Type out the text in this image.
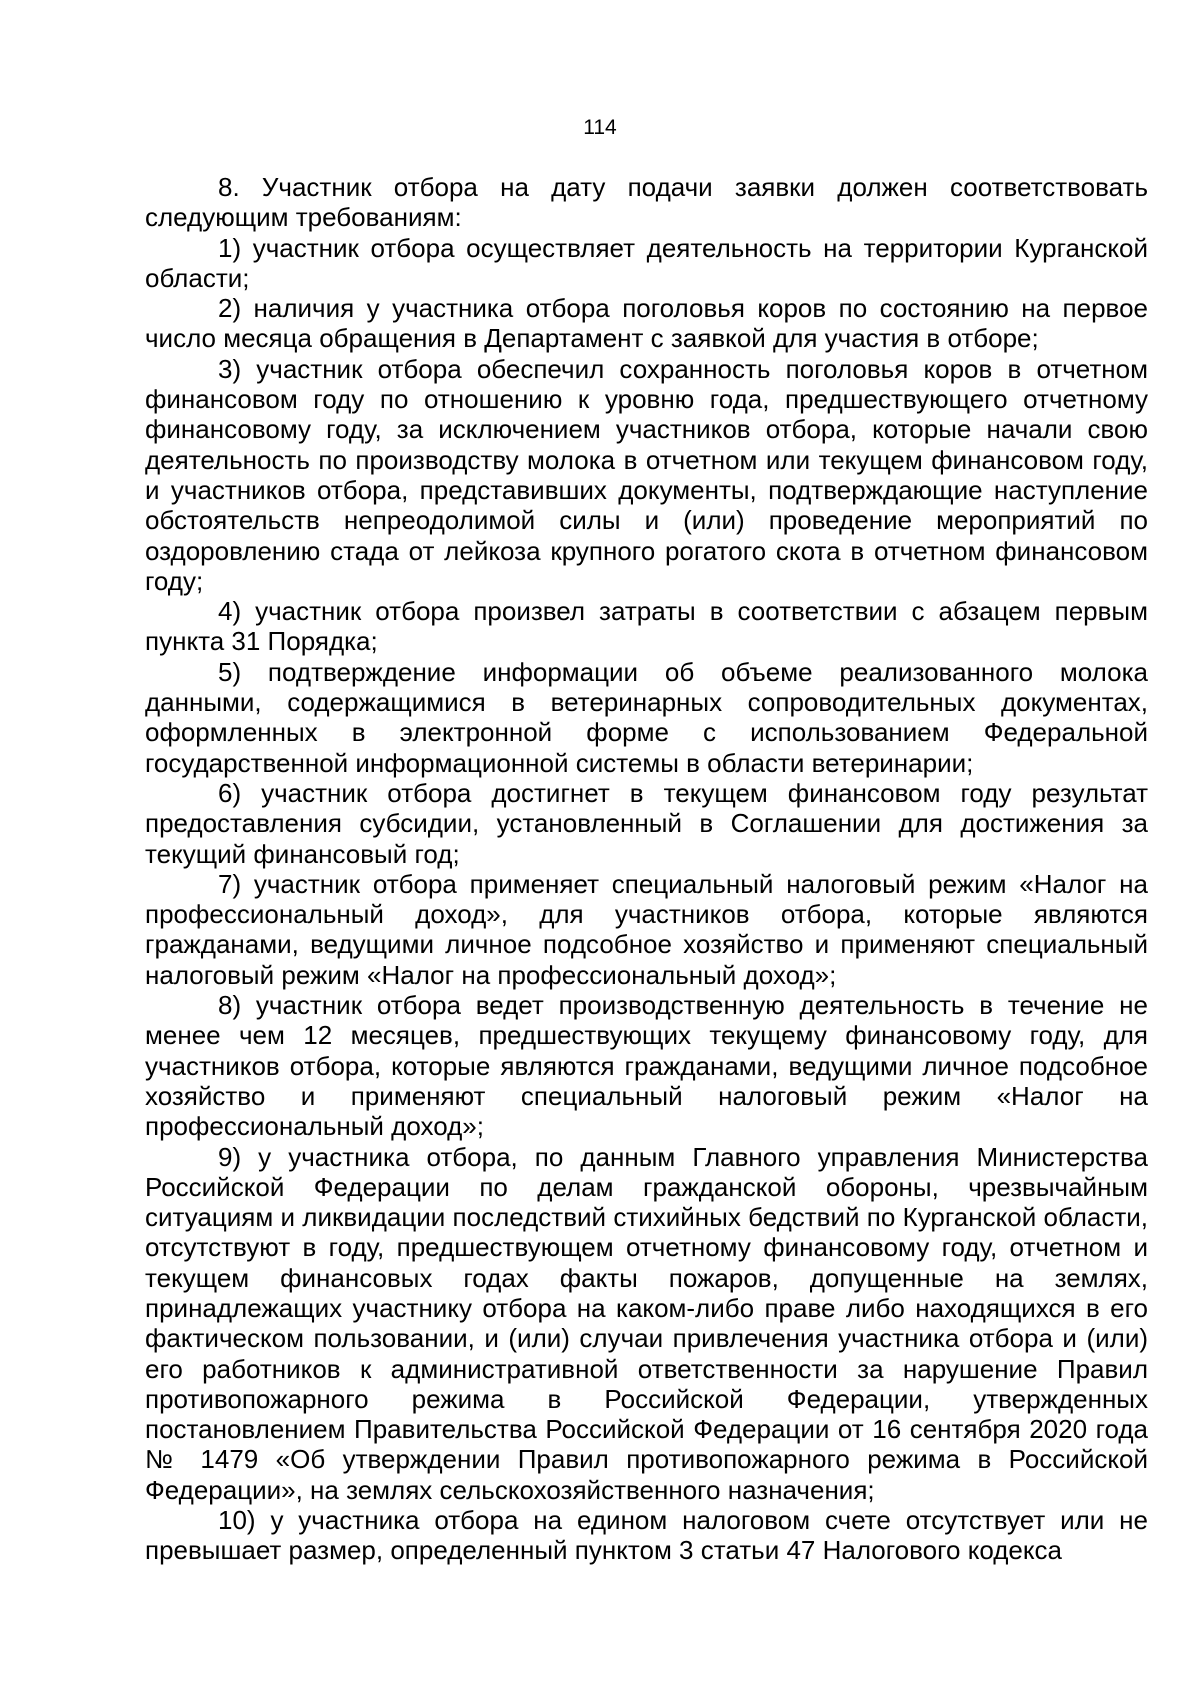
114

8. Участник отбора на дату подачи заявки должен соответствовать следующим требованиям:

1) участник отбора осуществляет деятельность на территории Курганской области;

2) наличия у участника отбора поголовья коров по состоянию на первое число месяца обращения в Департамент с заявкой для участия в отборе;

3) участник отбора обеспечил сохранность поголовья коров в отчетном финансовом году по отношению к уровню года, предшествующего отчетному финансовому году, за исключением участников отбора, которые начали свою деятельность по производству молока в отчетном или текущем финансовом году, и участников отбора, представивших документы, подтверждающие наступление обстоятельств непреодолимой силы и (или) проведение мероприятий по оздоровлению стада от лейкоза крупного рогатого скота в отчетном финансовом году;

4) участник отбора произвел затраты в соответствии с абзацем первым пункта 31 Порядка;

5) подтверждение информации об объеме реализованного молока данными, содержащимися в ветеринарных сопроводительных документах, оформленных в электронной форме с использованием Федеральной государственной информационной системы в области ветеринарии;

6) участник отбора достигнет в текущем финансовом году результат предоставления субсидии, установленный в Соглашении для достижения за текущий финансовый год;

7) участник отбора применяет специальный налоговый режим «Налог на профессиональный доход», для участников отбора, которые являются гражданами, ведущими личное подсобное хозяйство и применяют специальный налоговый режим «Налог на профессиональный доход»;

8) участник отбора ведет производственную деятельность в течение не менее чем 12 месяцев, предшествующих текущему финансовому году, для участников отбора, которые являются гражданами, ведущими личное подсобное хозяйство и применяют специальный налоговый режим «Налог на профессиональный доход»;

9) у участника отбора, по данным Главного управления Министерства Российской Федерации по делам гражданской обороны, чрезвычайным ситуациям и ликвидации последствий стихийных бедствий по Курганской области, отсутствуют в году, предшествующем отчетному финансовому году, отчетном и текущем финансовых годах факты пожаров, допущенные на землях, принадлежащих участнику отбора на каком-либо праве либо находящихся в его фактическом пользовании, и (или) случаи привлечения участника отбора и (или) его работников к административной ответственности за нарушение Правил противопожарного режима в Российской Федерации, утвержденных постановлением Правительства Российской Федерации от 16 сентября 2020 года № 1479 «Об утверждении Правил противопожарного режима в Российской Федерации», на землях сельскохозяйственного назначения;

10) у участника отбора на едином налоговом счете отсутствует или не превышает размер, определенный пунктом 3 статьи 47 Налогового кодекса
